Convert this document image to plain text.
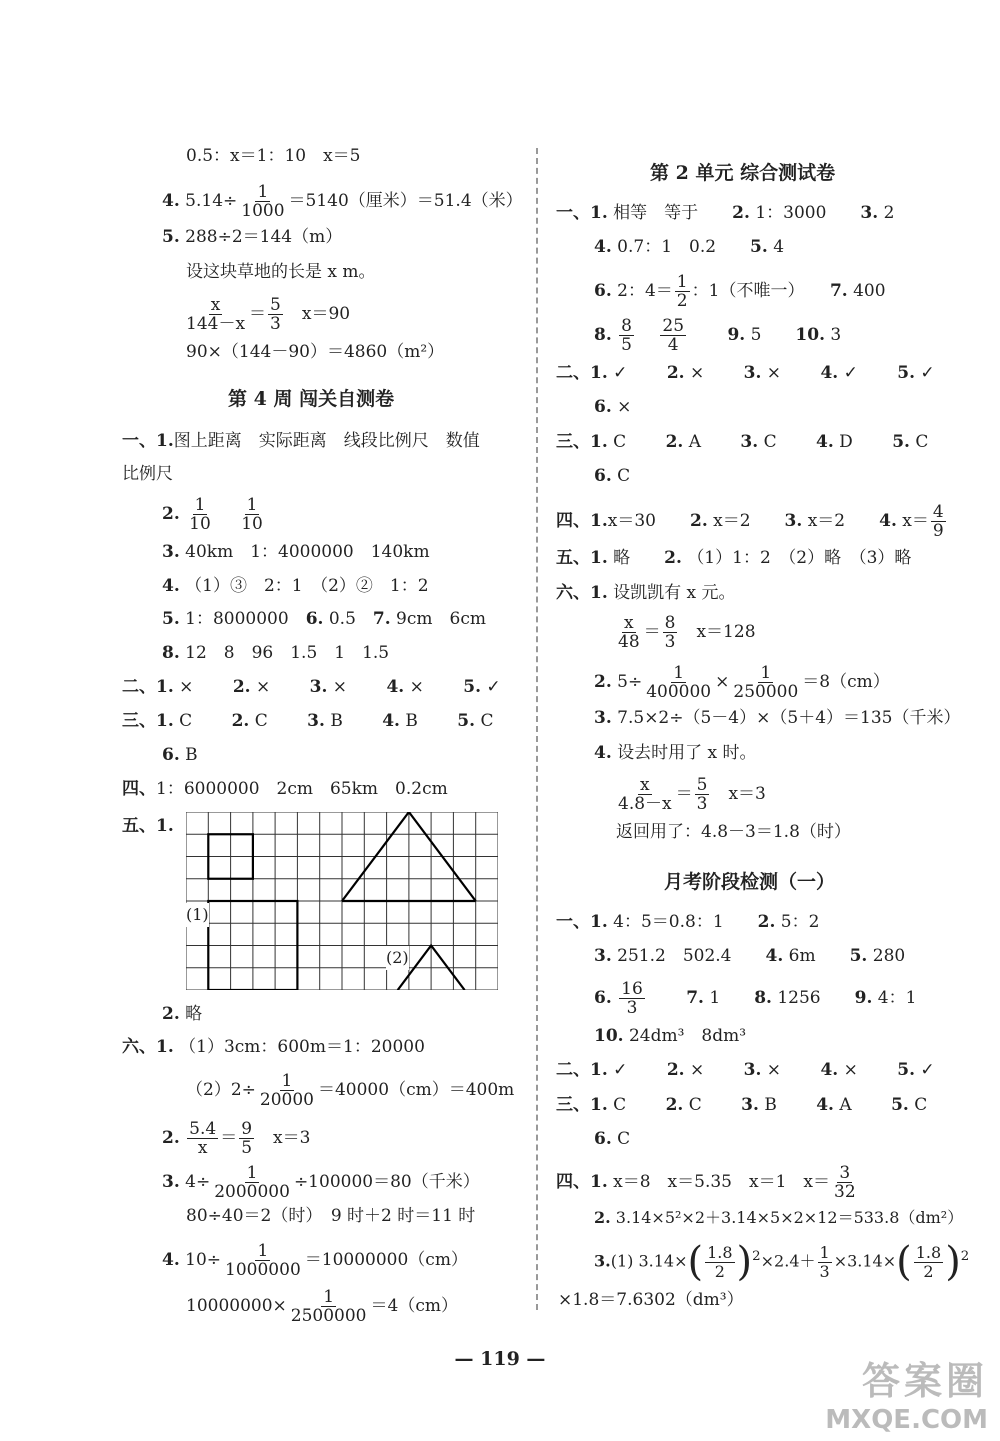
0.5：x＝1：10　x＝5
4. $5.14\div \frac{1}{1000} =5140$（厘米）＝51.4（米）
5. 288÷2＝144（m）
设这块草地的长是 x m。
$\frac{x}{144-x} = \frac{5}{3}$
　 x＝90
90×（144－90）＝4860（m²）
第 4 周 闯关自测卷
一、1.图上距离　实际距离　线段比例尺　数值
比例尺
2. $\frac{1}{10}$
　 $\frac{1}{10}$
3. 40km　1：4000000　140km
4. （1）③　2：1　（2）②　1：2
5. 1：8000000　 6. 0.5　 7. 9cm　6cm
8. 12　8　96　1.5　1　1.5
二、1. ×　　 2. ×　　 3. ×　　 4. ×　　 5. ✓
三、1. C　　 2. C　　 3. B　　 4. B　　 5. C
6. B
四、1：6000000　2cm　65km　0.2cm
五、1.
(1)
(2)
2. 略
六、1. （1）3cm：600m＝1：20000
$(2)2\div \frac{1}{20000} =40000(cm)=400m$
2. $\frac{5.4}{x} = \frac{9}{5}$
　 x＝3
3. $4\div \frac{1}{2000000} \div 100000=80$（千米）
80÷40＝2（时）　9 时＋2 时＝11 时
4. $10\div \frac{1}{1000000} =10000000(cm)$
$10000000\times \frac{1}{2500000} =4(cm)$
第 2 单元 综合测试卷
一、1. 相等　等于　　 2. 1：3000　　 3. 2
4. 0.7：1　0.2　　 5. 4
6. 2：$4= \frac{1}{2}$ ：1（不唯一）　　 7. 400
8. $\frac{8}{5}$
　 $\frac{25}{4}$
　　 9. 5　　 10. 3
二、1. ✓　　 2. ×　　 3. ×　　 4. ✓　　 5. ✓
6. ×
三、1. C　　 2. A　　 3. C　　 4. D　　 5. C
6. C
四、1.x＝30　　 2. x＝2　　 3. x＝2　　 4. $x= \frac{4}{9}$
五、1. 略　　 2. （1）1：2　（2）略　（3）略
六、1. 设凯凯有 x 元。
$\frac{x}{48} = \frac{8}{3}$
　 x＝128
2. $5\div \frac{1}{400000} \times \frac{1}{250000} =8(cm)$
3. 7.5×2÷（5－4）×（5＋4）＝135（千米）
4. 设去时用了 x 时。
$\frac{x}{4.8-x} = \frac{5}{3}$
　 x＝3
返回用了：4.8－3＝1.8（时）
月考阶段检测（一）
一、1. 4：5＝0.8：1　　 2. 5：2
3. 251.2　502.4　　 4. 6m　　 5. 280
6. $\frac{16}{3}$
　　 7. 1　　 8. 1256　　 9. 4：1
10. 24dm³　8dm³
二、1. ✓　　 2. ×　　 3. ×　　 4. ×　　 5. ✓
三、1. C　　 2. C　　 3. B　　 4. A　　 5. C
6. C
四、1. x＝8　x＝5.35　x＝1　$x= \frac{3}{32}$
2. 3.14×5²×2＋3.14×5×2×12＝533.8（dm²）
3.(1) $3.14\times( \frac{1.8}{2} )^2\times 2.4+ \frac{1}{3} \times 3.14\times( \frac{1.8}{2} )^2$
×1.8＝7.6302（dm³）
— 119 —	答案圈
MXQE.COM
